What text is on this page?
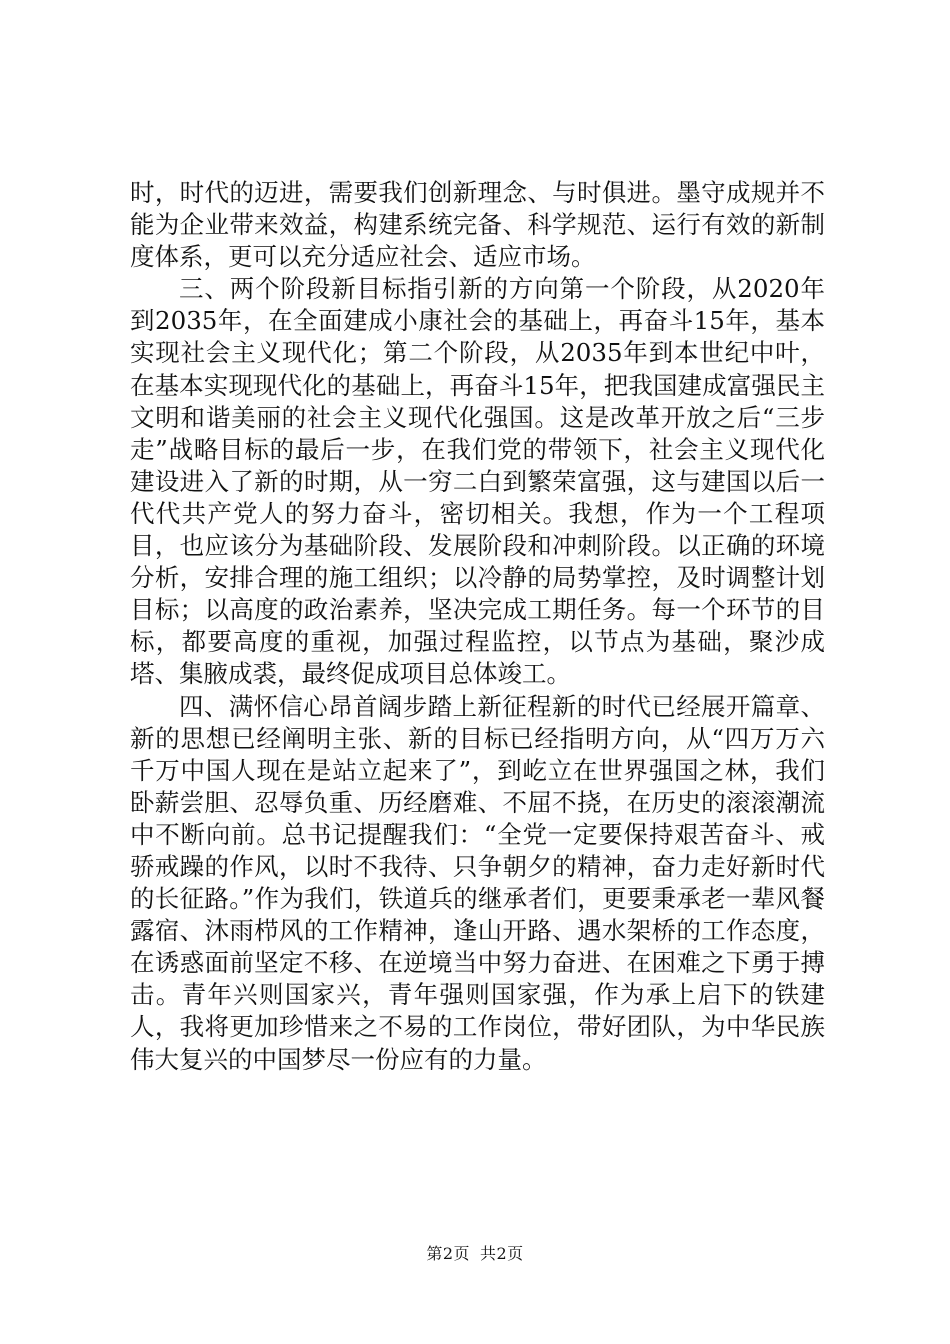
时，时代的迈进，需要我们创新理念、与时俱进。墨守成规并不能为企业带来效益，构建系统完备、科学规范、运行有效的新制度体系，更可以充分适应社会、适应市场。

三、两个阶段新目标指引新的方向第一个阶段，从2020年到2035年，在全面建成小康社会的基础上，再奋斗15年，基本实现社会主义现代化；第二个阶段，从2035年到本世纪中叶，在基本实现现代化的基础上，再奋斗15年，把我国建成富强民主文明和谐美丽的社会主义现代化强国。这是改革开放之后“三步走”战略目标的最后一步，在我们党的带领下，社会主义现代化建设进入了新的时期，从一穷二白到繁荣富强，这与建国以后一代代共产党人的努力奋斗，密切相关。我想，作为一个工程项目，也应该分为基础阶段、发展阶段和冲刺阶段。以正确的环境分析，安排合理的施工组织；以冷静的局势掌控，及时调整计划目标；以高度的政治素养，坚决完成工期任务。每一个环节的目标，都要高度的重视，加强过程监控，以节点为基础，聚沙成塔、集腋成裘，最终促成项目总体竣工。

四、满怀信心昂首阔步踏上新征程新的时代已经展开篇章、新的思想已经阐明主张、新的目标已经指明方向，从“四万万六千万中国人现在是站立起来了”，到屹立在世界强国之林，我们卧薪尝胆、忍辱负重、历经磨难、不屈不挠，在历史的滚滚潮流中不断向前。总书记提醒我们：“全党一定要保持艰苦奋斗、戒骄戒躁的作风，以时不我待、只争朝夕的精神，奋力走好新时代的长征路。”作为我们，铁道兵的继承者们，更要秉承老一辈风餐露宿、沐雨栉风的工作精神，逢山开路、遇水架桥的工作态度，在诱惑面前坚定不移、在逆境当中努力奋进、在困难之下勇于搏击。青年兴则国家兴，青年强则国家强，作为承上启下的铁建人，我将更加珍惜来之不易的工作岗位，带好团队，为中华民族伟大复兴的中国梦尽一份应有的力量。

第2页 共2页
